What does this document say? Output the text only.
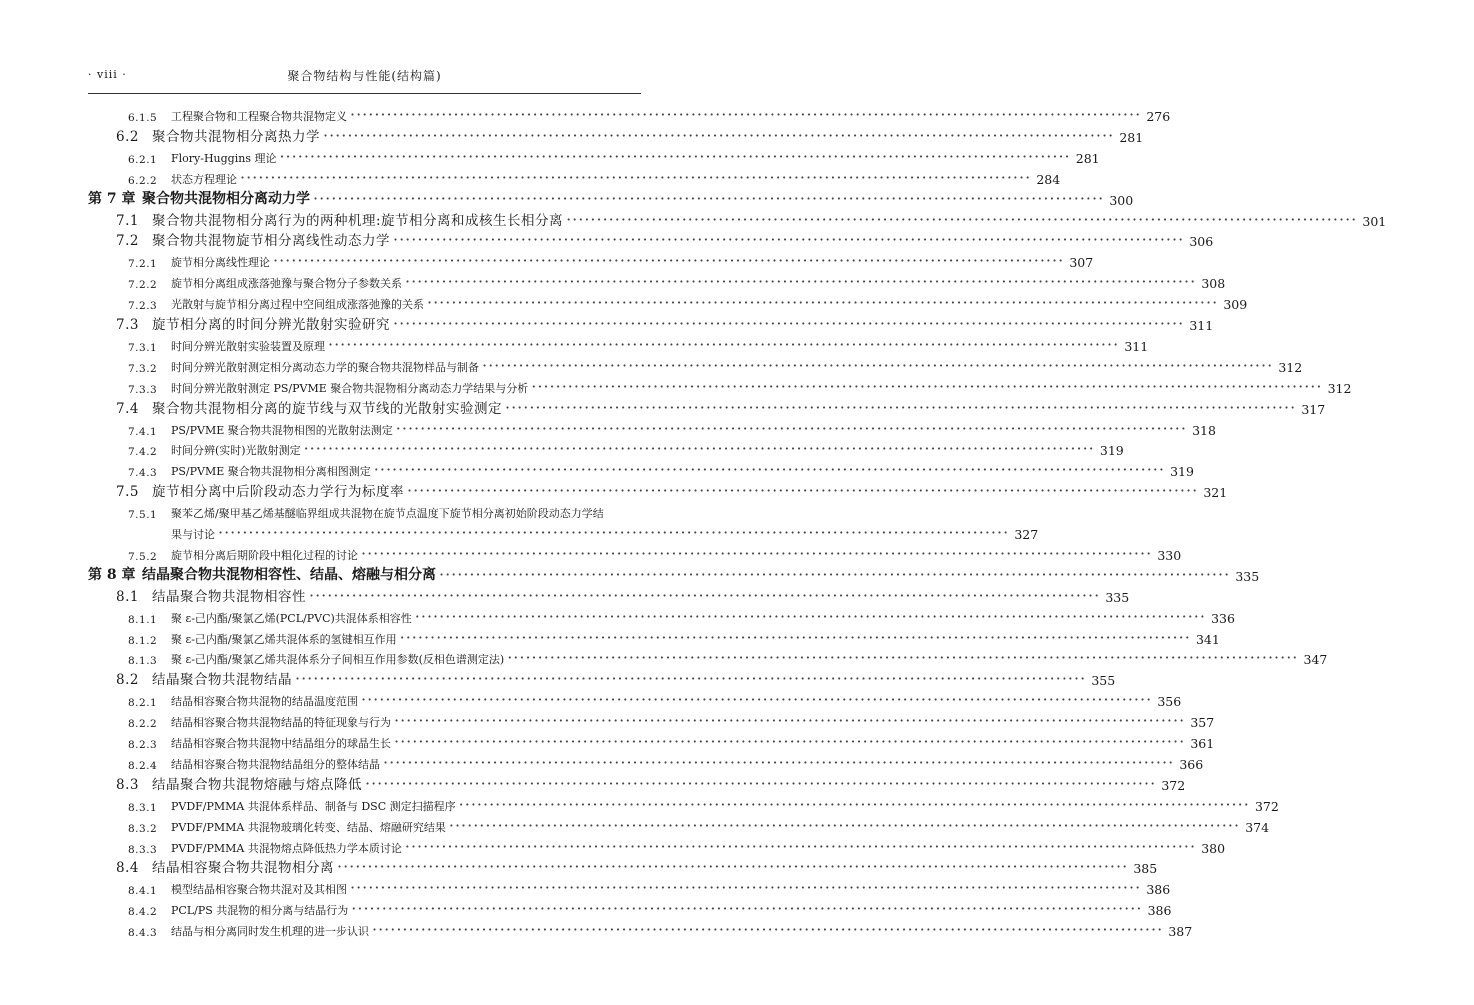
· viii ·	聚合物结构与性能(结构篇)
6.1.5	工程聚合物和工程聚合物共混物定义 ·····	276
6.2 聚合物共混物相分离热力学 ·····	281
6.2.1	Flory-Huggins 理论 ·····	281
6.2.2	状态方程理论 ·····	284
第 7 章 聚合物共混物相分离动力学 ·····	300
7.1 聚合物共混物相分离行为的两种机理:旋节相分离和成核生长相分离 ·····	301
7.2 聚合物共混物旋节相分离线性动态力学 ·····	306
7.2.1	旋节相分离线性理论 ·····	307
7.2.2	旋节相分离组成涨落弛豫与聚合物分子参数关系 ·····	308
7.2.3	光散射与旋节相分离过程中空间组成涨落弛豫的关系 ·····	309
7.3 旋节相分离的时间分辨光散射实验研究 ·····	311
7.3.1	时间分辨光散射实验装置及原理 ·····	311
7.3.2	时间分辨光散射测定相分离动态力学的聚合物共混物样品与制备 ·····	312
7.3.3	时间分辨光散射测定 PS/PVME 聚合物共混物相分离动态力学结果与分析 ·····	312
7.4 聚合物共混物相分离的旋节线与双节线的光散射实验测定 ·····	317
7.4.1	PS/PVME 聚合物共混物相图的光散射法测定 ·····	318
7.4.2	时间分辨(实时)光散射测定 ·····	319
7.4.3	PS/PVME 聚合物共混物相分离相图测定 ·····	319
7.5 旋节相分离中后阶段动态力学行为标度率 ·····	321
7.5.1	聚苯乙烯/聚甲基乙烯基醚临界组成共混物在旋节点温度下旋节相分离初始阶段动态力学结
果与讨论 ·····	327
7.5.2	旋节相分离后期阶段中粗化过程的讨论 ·····	330
第 8 章 结晶聚合物共混物相容性、结晶、熔融与相分离 ·····	335
8.1 结晶聚合物共混物相容性 ·····	335
8.1.1	聚 ε-己内酯/聚氯乙烯(PCL/PVC)共混体系相容性 ·····	336
8.1.2	聚 ε-己内酯/聚氯乙烯共混体系的氢键相互作用 ·····	341
8.1.3	聚 ε-己内酯/聚氯乙烯共混体系分子间相互作用参数(反相色谱测定法) ·····	347
8.2 结晶聚合物共混物结晶 ·····	355
8.2.1	结晶相容聚合物共混物的结晶温度范围 ·····	356
8.2.2	结晶相容聚合物共混物结晶的特征现象与行为 ·····	357
8.2.3	结晶相容聚合物共混物中结晶组分的球晶生长 ·····	361
8.2.4	结晶相容聚合物共混物结晶组分的整体结晶 ·····	366
8.3 结晶聚合物共混物熔融与熔点降低 ·····	372
8.3.1	PVDF/PMMA 共混体系样品、制备与 DSC 测定扫描程序 ·····	372
8.3.2	PVDF/PMMA 共混物玻璃化转变、结晶、熔融研究结果 ·····	374
8.3.3	PVDF/PMMA 共混物熔点降低热力学本质讨论 ·····	380
8.4 结晶相容聚合物共混物相分离 ·····	385
8.4.1	模型结晶相容聚合物共混对及其相图 ·····	386
8.4.2	PCL/PS 共混物的相分离与结晶行为 ·····	386
8.4.3	结晶与相分离同时发生机理的进一步认识 ·····	387
